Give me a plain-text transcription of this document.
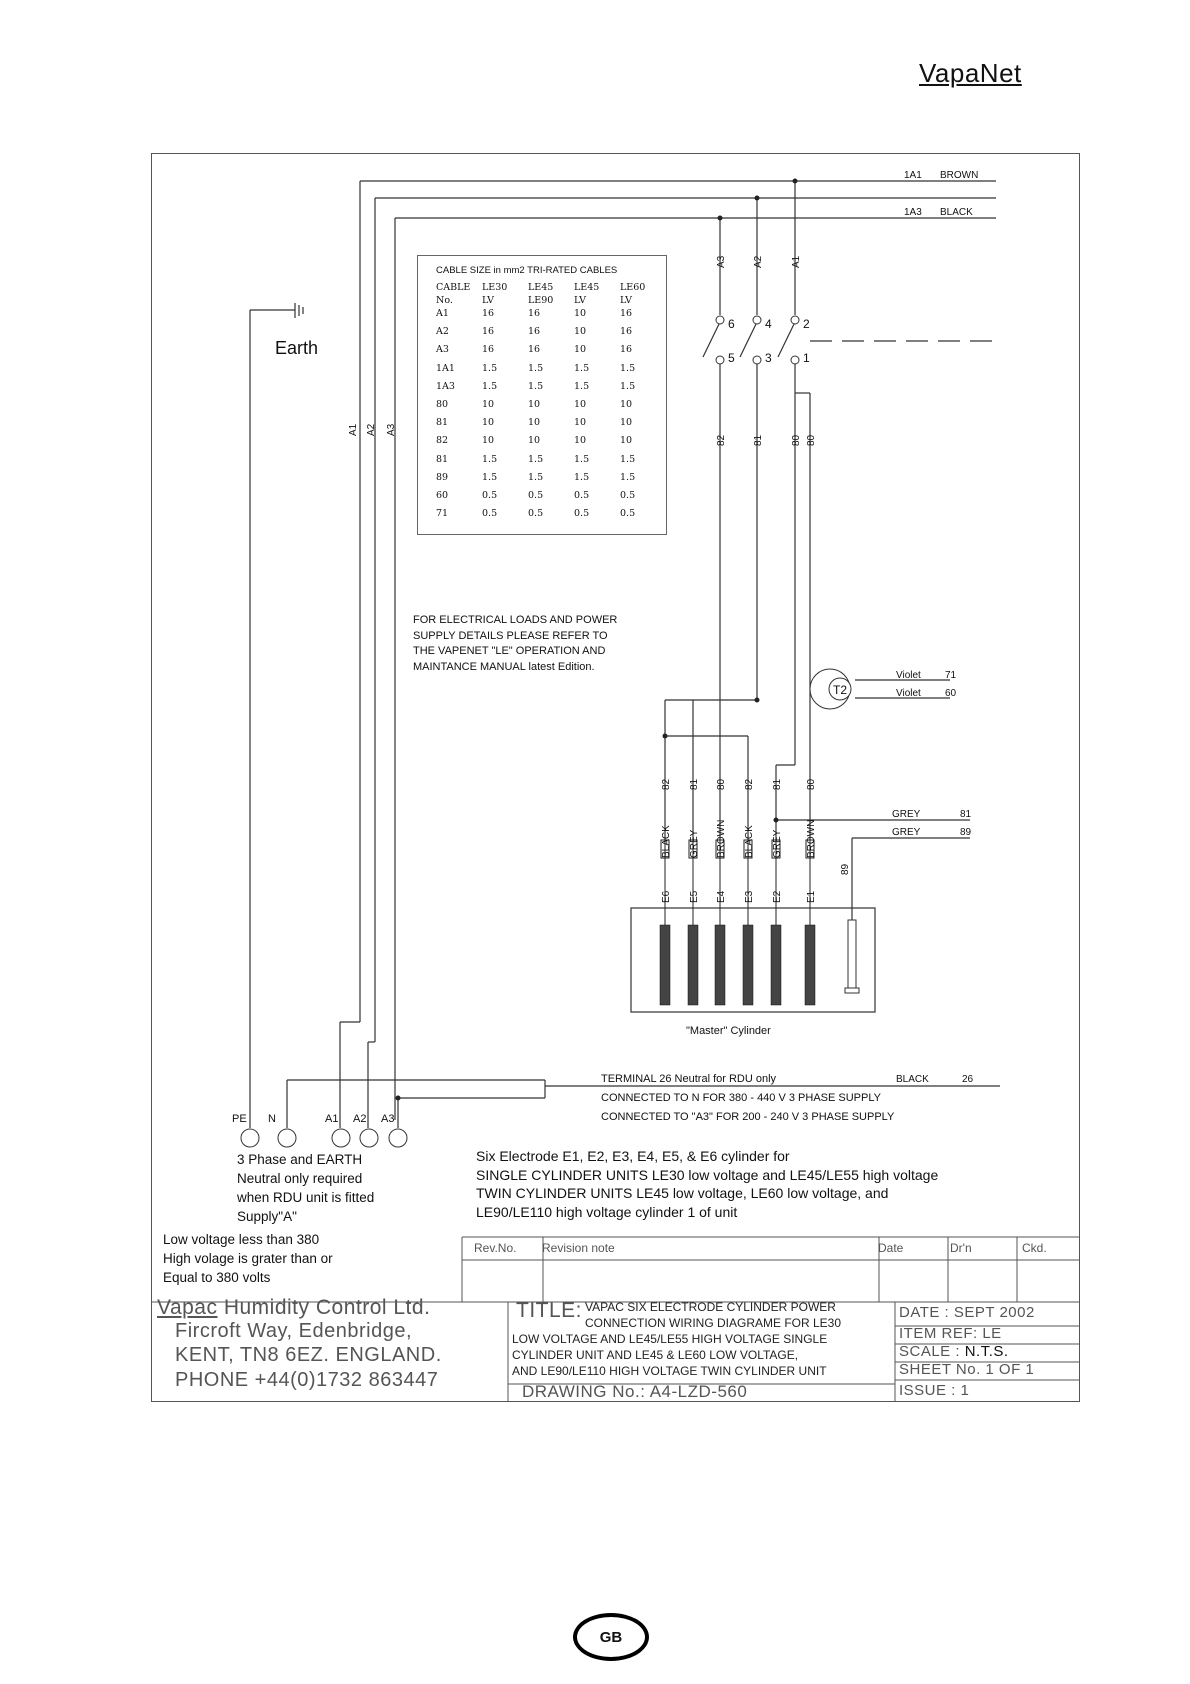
VapaNet
1A1 BROWN
1A3 BLACK
A3	A2	A1
A1 A2 A3
6	4	2
5	3	1
82	81	80 80
Violet 71
Violet 60
T2
82 81 80 82 81 80
BLACK GREY BROWN BLACK GREY BROWN
89
GREY	81
GREY	89
E6 E5 E4 E3 E2 E1
"Master" Cylinder
PE N	A1 A2 A3
TERMINAL 26 Neutral for RDU only	BLACK	26
CONNECTED TO N FOR 380 - 440 V 3 PHASE SUPPLY
CONNECTED TO "A3" FOR 200 - 240 V 3 PHASE SUPPLY
Earth
CABLE SIZE in mm2 TRI-RATED CABLES
CABLE	LE30	LE45	LE45	LE60
No.	LV	LE90	LV	LV
A1	16	16	10	16
A2	16	16	10	16
A3	16	16	10	16
1A1	1.5	1.5	1.5	1.5
1A3	1.5	1.5	1.5	1.5
80	10	10	10	10
81	10	10	10	10
82	10	10	10	10
81	1.5	1.5	1.5	1.5
89	1.5	1.5	1.5	1.5
60	0.5	0.5	0.5	0.5
71	0.5	0.5	0.5	0.5
FOR ELECTRICAL LOADS AND POWER
SUPPLY DETAILS PLEASE REFER TO
THE VAPENET "LE" OPERATION AND
MAINTANCE MANUAL latest Edition.
3 Phase and EARTH
Neutral only required
when RDU unit is fitted
Supply"A"
Six Electrode E1, E2, E3, E4, E5, & E6 cylinder for
SINGLE CYLINDER UNITS LE30 low voltage and LE45/LE55 high voltage
TWIN CYLINDER UNITS LE45 low voltage, LE60 low voltage, and
LE90/LE110 high voltage cylinder 1 of unit
Low voltage less than 380
High volage is grater than or
Equal to 380 volts
Rev.No. Revision note	Date	Dr'n	Ckd.
Vapac Humidity Control Ltd.
Fircroft Way, Edenbridge,
KENT, TN8 6EZ. ENGLAND.
PHONE +44(0)1732 863447
TITLE: VAPAC SIX ELECTRODE CYLINDER POWER
CONNECTION WIRING DIAGRAME FOR LE30
LOW VOLTAGE AND LE45/LE55 HIGH VOLTAGE SINGLE
CYLINDER UNIT AND LE45 & LE60 LOW VOLTAGE,
AND LE90/LE110 HIGH VOLTAGE TWIN CYLINDER UNIT
DRAWING No.: A4-LZD-560
DATE : SEPT 2002
ITEM REF: LE
SCALE : N.T.S.
SHEET No. 1 OF 1
ISSUE : 1
GB
